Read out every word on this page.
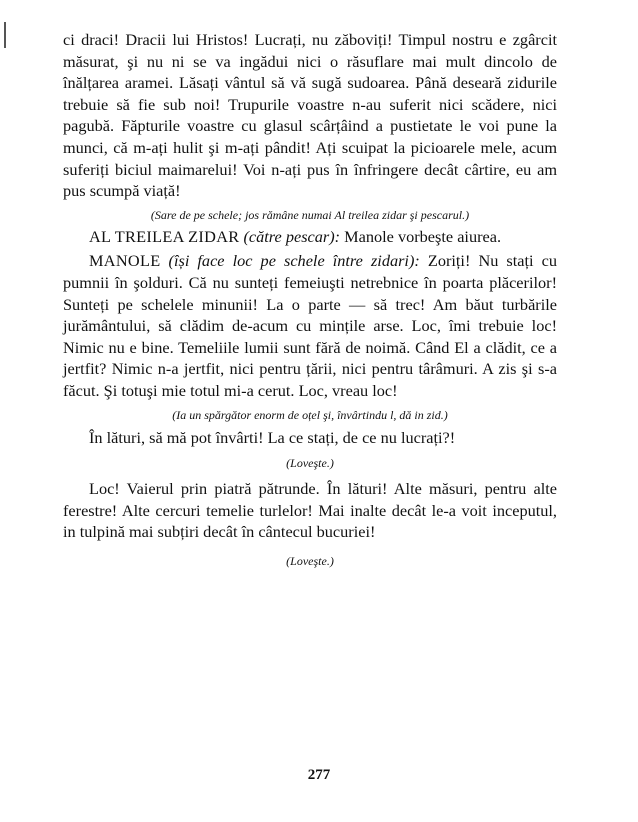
ci draci! Dracii lui Hristos! Lucrați, nu zăboviți! Timpul nostru e zgârcit măsurat, şi nu ni se va ingădui nici o răsuflare mai mult dincolo de înălțarea aramei. Lăsați vântul să vă sugă sudoarea. Până deseară zidurile trebuie să fie sub noi! Trupurile voastre n-au suferit nici scădere, nici pagubă. Făpturile voastre cu glasul scârțâind a pustietate le voi pune la munci, că m-ați hulit şi m-ați pândit! Ați scuipat la picioarele mele, acum suferiți biciul maimarelui! Voi n-ați pus în înfringere decât cârtire, eu am pus scumpă viață!

(Sare de pe schele; jos rămâne numai Al treilea zidar şi pescarul.)

AL TREILEA ZIDAR (către pescar): Manole vorbeşte aiurea.

MANOLE (își face loc pe schele între zidari): Zoriți! Nu stați cu pumnii în şolduri. Că nu sunteți femeiuşti netrebnice în poarta plăcerilor! Sunteți pe schelele minunii! La o parte — să trec! Am băut turbările jurământului, să clădim de-acum cu mințile arse. Loc, îmi trebuie loc! Nimic nu e bine. Temeliile lumii sunt fără de noimă. Când El a clădit, ce a jertfit? Nimic n-a jertfit, nici pentru țării, nici pentru târâmuri. A zis şi s-a făcut. Şi totuşi mie totul mi-a cerut. Loc, vreau loc!

(Ia un spărgător enorm de oțel şi, învârtindu l, dă in zid.)

În lături, să mă pot învârti! La ce stați, de ce nu lucrați?!

(Loveşte.)

Loc! Vaierul prin piatră pătrunde. În lături! Alte măsuri, pentru alte ferestre! Alte cercuri temelie turlelor! Mai inalte decât le-a voit inceputul, in tulpină mai subțiri decât în cântecul bucuriei!

(Loveşte.)

277
